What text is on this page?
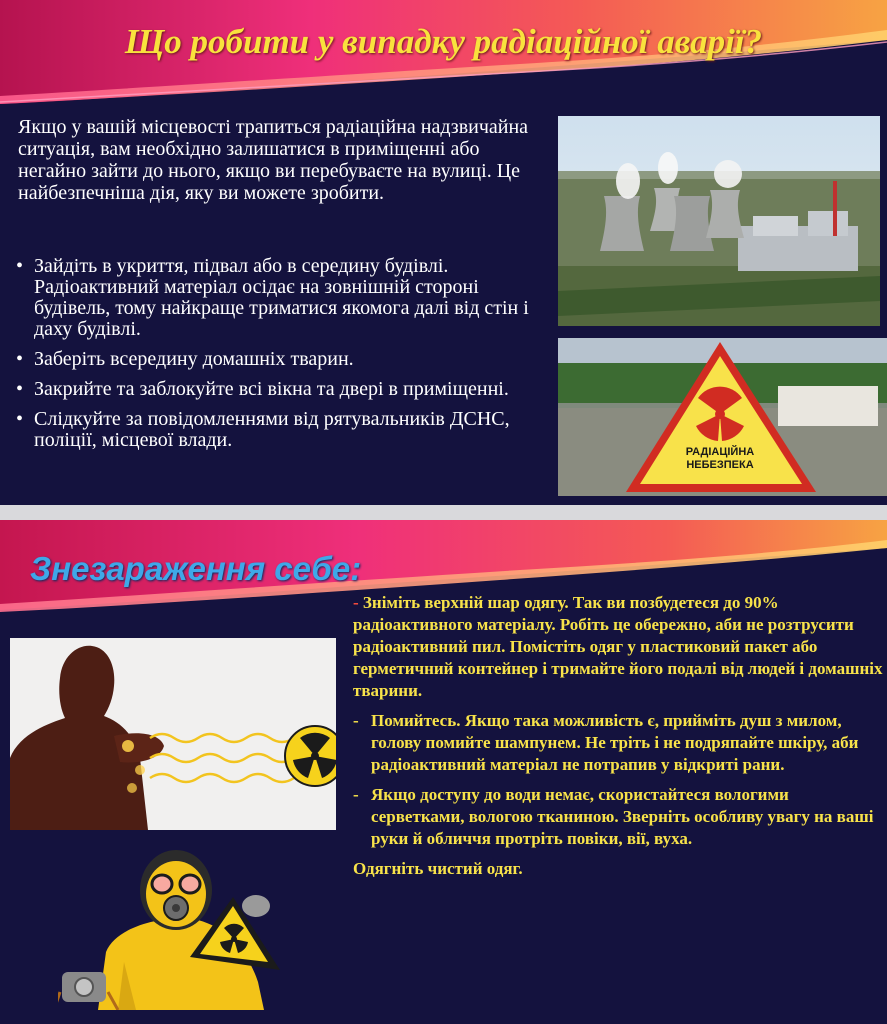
Що робити у випадку радіаційної аварії?

Якщо у вашій місцевості трапиться радіаційна надзвичайна ситуація, вам необхідно залишатися в приміщенні або негайно зайти до нього, якщо ви перебуваєте на вулиці. Це найбезпечніша дія, яку ви можете зробити.

• Зайдіть в укриття, підвал або в середину будівлі. Радіоактивний матеріал осідає на зовнішній стороні будівель, тому найкраще триматися якомога далі від стін і даху будівлі.
• Заберіть всередину домашніх тварин.
• Закрийте та заблокуйте всі вікна та двері в приміщенні.
• Слідкуйте за повідомленнями від рятувальників ДСНС, поліції, місцевої влади.
РАДІАЦІЙНА
НЕБЕЗПЕКА
Знезараження себе:

- Зніміть верхній шар одягу. Так ви позбудетеся до 90% радіоактивного матеріалу. Робіть це обережно, аби не розтрусити радіоактивний пил. Помістіть одяг у пластиковий пакет або герметичний контейнер і тримайте його подалі від людей і домашніх тварини.

- Помийтесь. Якщо така можливість є, прийміть душ з милом, голову помийте шампунем. Не тріть і не подряпайте шкіру, аби радіоактивний матеріал не потрапив у відкриті рани.

- Якщо доступу до води немає, скористайтеся вологими серветками, вологою тканиною. Зверніть особливу увагу на ваші руки й обличчя протріть повіки, вії, вуха.

Одягніть чистий одяг.
